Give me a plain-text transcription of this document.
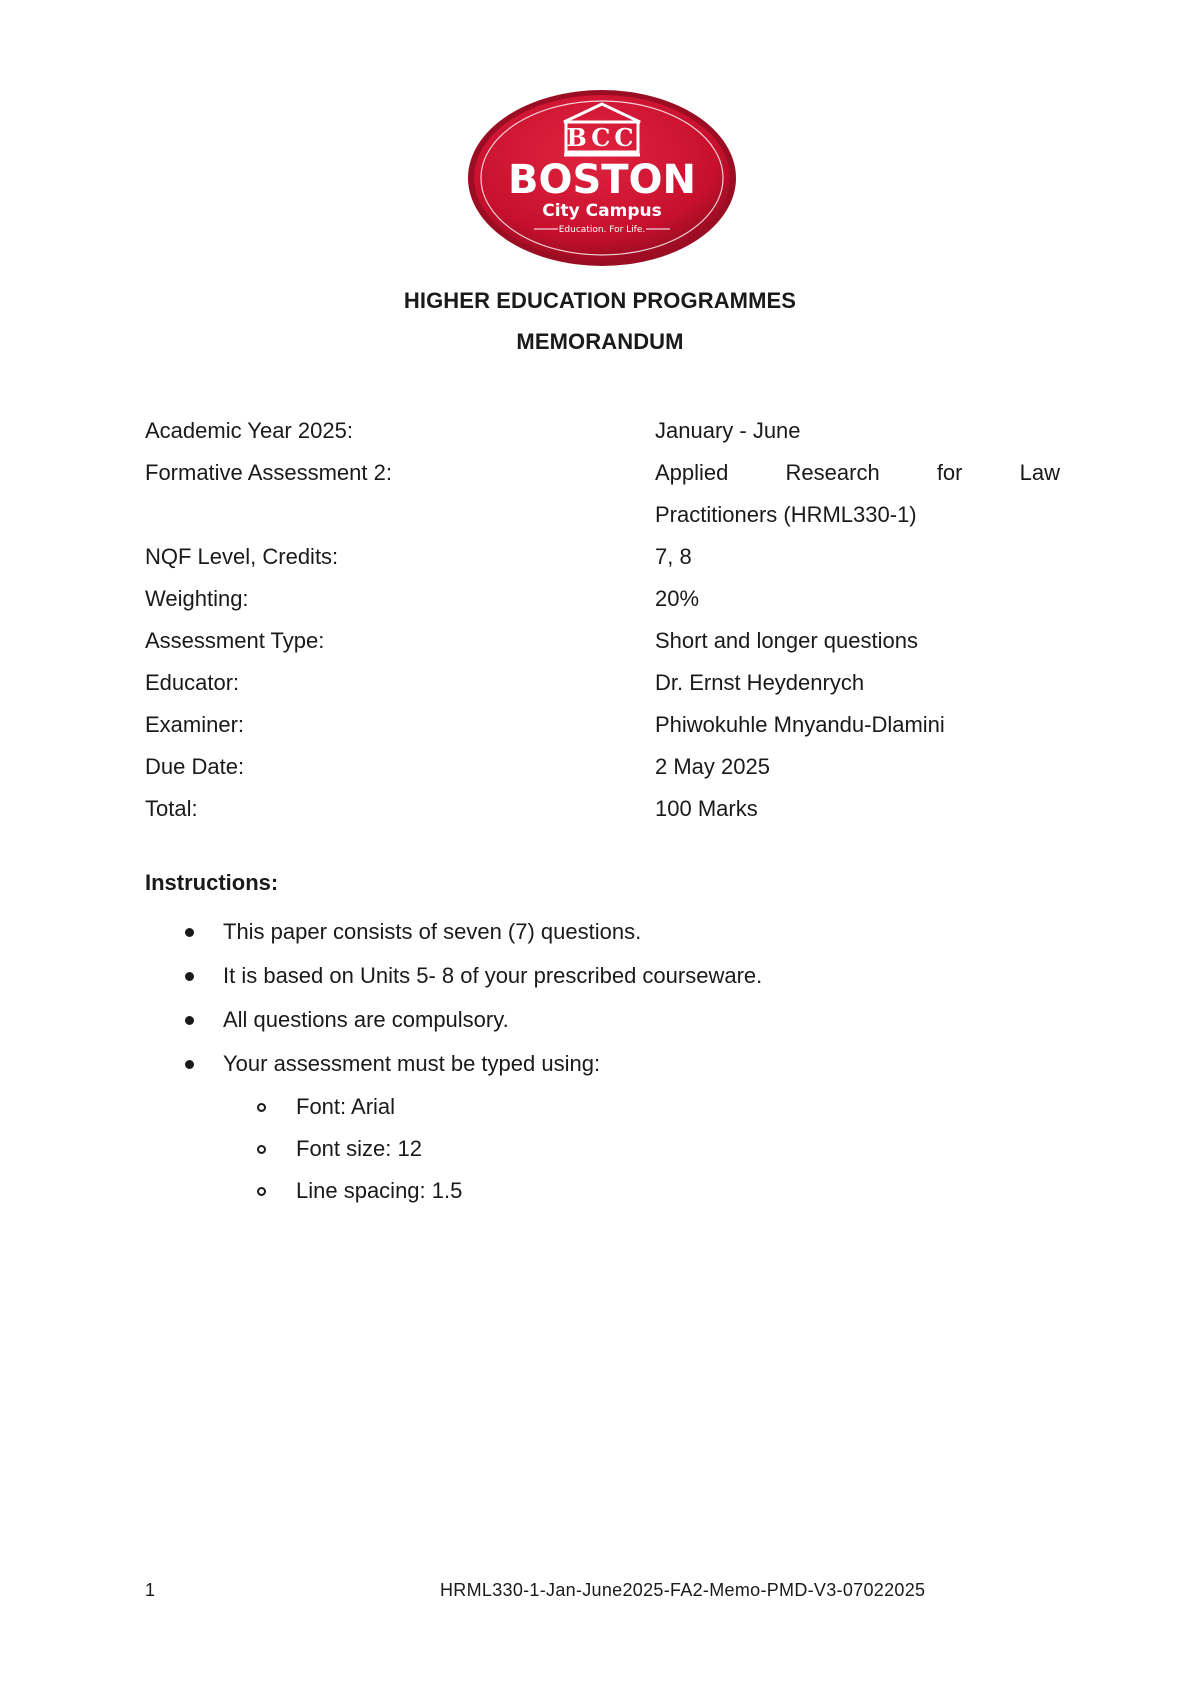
BCC
BOSTON
City Campus
Education. For Life.
HIGHER EDUCATION PROGRAMMES
MEMORANDUM
Academic Year 2025:	January - June
Formative Assessment 2:	Applied Research for Law
Practitioners (HRML330-1)
NQF Level, Credits:	7, 8
Weighting:	20%
Assessment Type:	Short and longer questions
Educator:	Dr. Ernst Heydenrych
Examiner:	Phiwokuhle Mnyandu-Dlamini
Due Date:	2 May 2025
Total:	100 Marks
Instructions:
This paper consists of seven (7) questions.
It is based on Units 5- 8 of your prescribed courseware.
All questions are compulsory.
Your assessment must be typed using:
Font: Arial
Font size: 12
Line spacing: 1.5
1	HRML330-1-Jan-June2025-FA2-Memo-PMD-V3-07022025
